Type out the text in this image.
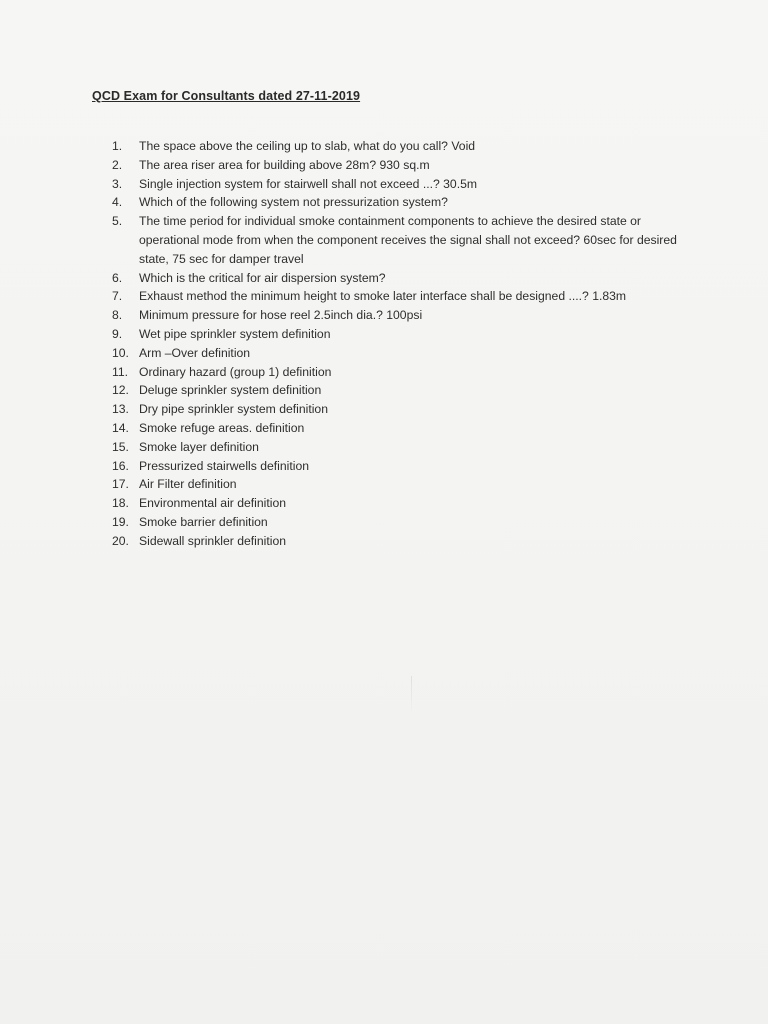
QCD Exam for Consultants dated 27-11-2019
1.	The space above the ceiling up to slab, what do you call? Void
2.	The area riser area for building above 28m? 930 sq.m
3.	Single injection system for stairwell shall not exceed ...? 30.5m
4.	Which of the following system not pressurization system?
5.	The time period for individual smoke containment components to achieve the desired state or operational mode from when the component receives the signal shall not exceed? 60sec for desired state, 75 sec for damper travel
6.	Which is the critical for air dispersion system?
7.	Exhaust method the minimum height to smoke later interface shall be designed ....? 1.83m
8.	Minimum pressure for hose reel 2.5inch dia.? 100psi
9.	Wet pipe sprinkler system definition
10. Arm –Over definition
11. Ordinary hazard (group 1) definition
12. Deluge sprinkler system definition
13. Dry pipe sprinkler system definition
14. Smoke refuge areas. definition
15. Smoke layer definition
16. Pressurized stairwells definition
17. Air Filter definition
18. Environmental air definition
19. Smoke barrier definition
20. Sidewall sprinkler definition
